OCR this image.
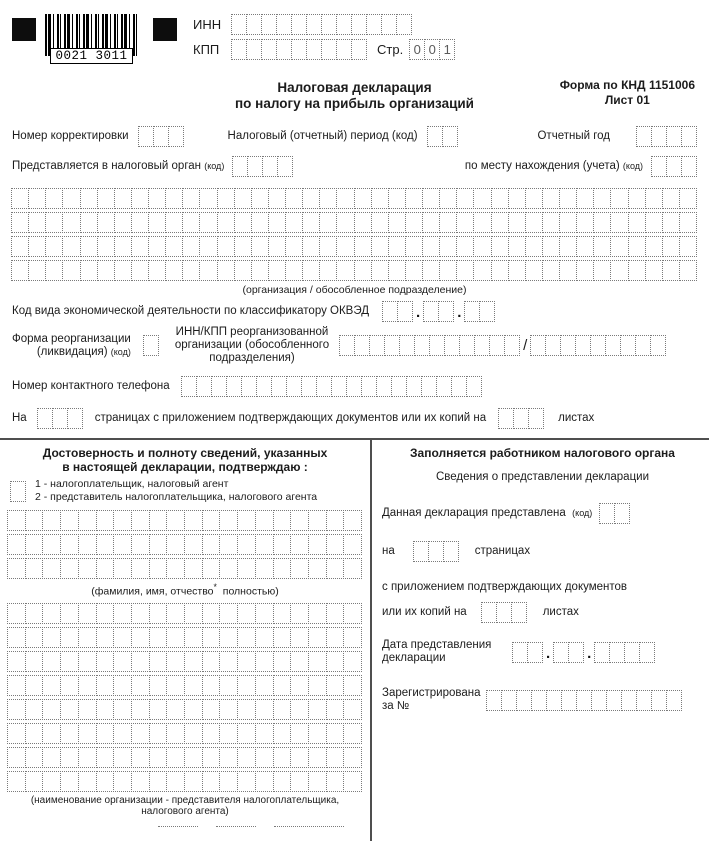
0021 3011
ИНН
КПП	Стр. 0 0 1
Налоговая декларация
по налогу на прибыль организаций
Форма по КНД 1151006
Лист 01
Номер корректировки	Налоговый (отчетный) период (код)	Отчетный год
Представляется в налоговый орган (код)	по месту нахождения (учета) (код)
(организация / обособленное подразделение)
Код вида экономической деятельности по классификатору ОКВЭД	. .
Форма реорганизации
(ликвидация) (код)
ИНН/КПП реорганизованной
организации (обособленного
подразделения)
/
Номер контактного телефона
На	страницах с приложением подтверждающих документов или их копий на	листах
Достоверность и полноту сведений, указанных
в настоящей декларации, подтверждаю :
1 - налогоплательщик, налоговый агент
2 - представитель налогоплательщика, налогового агента
(фамилия, имя, отчество* полностью)
(наименование организации - представителя налогоплательщика, налогового агента)
Заполняется работником налогового органа
Сведения о представлении декларации
Данная декларация представлена (код)
на	страницах
с приложением подтверждающих документов
или их копий на	листах
Дата представления
декларации	. .
Зарегистрирована
за №
